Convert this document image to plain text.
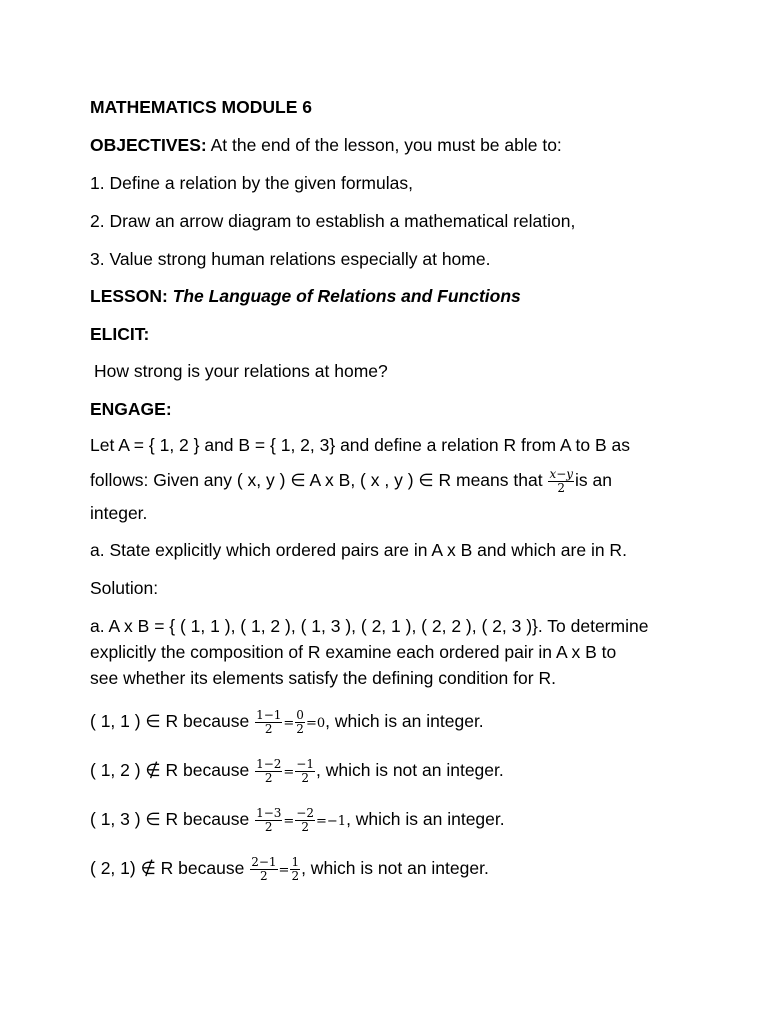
MATHEMATICS MODULE 6
OBJECTIVES: At the end of the lesson, you must be able to:
1. Define a relation by the given formulas,
2. Draw an arrow diagram to establish a mathematical relation,
3. Value strong human relations especially at home.
LESSON: The Language of Relations and Functions
ELICIT:
How strong is your relations at home?
ENGAGE:
Let A = { 1, 2 } and B = { 1, 2, 3} and define a relation R from A to B as
follows: Given any ( x, y ) ∈ A x B, ( x , y ) ∈ R means that $\frac{x-y}{2}$ is an
integer.
a. State explicitly which ordered pairs are in A x B and which are in R.
Solution:
a. A x B = { ( 1, 1 ), ( 1, 2 ), ( 1, 3 ), ( 2, 1 ), ( 2, 2 ), ( 2, 3 )}. To determine
explicitly the composition of R examine each ordered pair in A x B to
see whether its elements satisfy the defining condition for R.
( 1, 1 ) ∈ R because $\frac{1-1}{2} = \frac{0}{2} =0$, which is an integer.
( 1, 2 ) ∉ R because $\frac{1-2}{2} = \frac{-1}{2}$ , which is not an integer.
( 1, 3 ) ∈ R because $\frac{1-3}{2} = \frac{-2}{2} =-1$, which is an integer.
( 2, 1) ∉ R because $\frac{2-1}{2} = \frac{1}{2}$ , which is not an integer.
